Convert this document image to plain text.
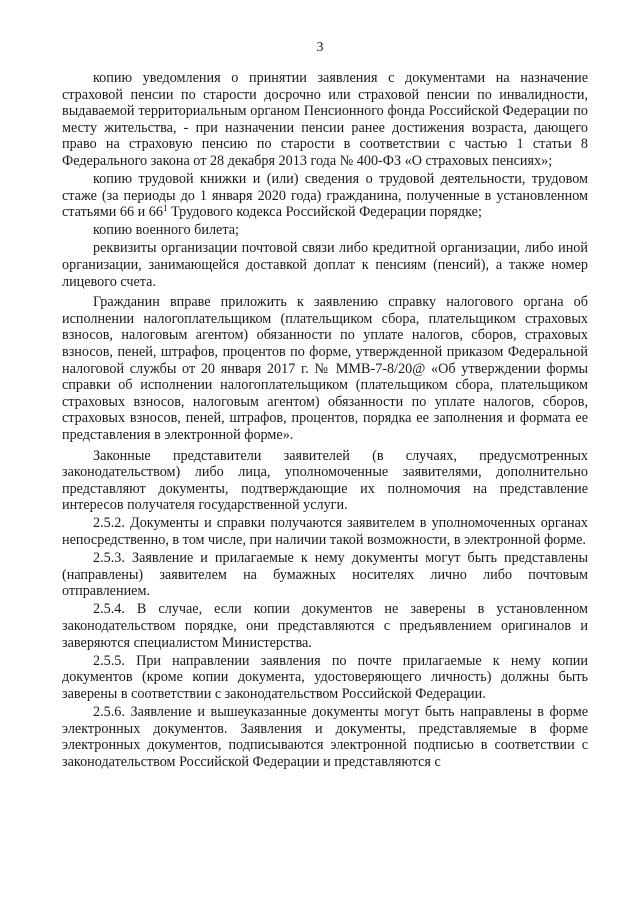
3

копию уведомления о принятии заявления с документами на назначение страховой пенсии по старости досрочно или страховой пенсии по инвалидности, выдаваемой территориальным органом Пенсионного фонда Российской Федерации по месту жительства, - при назначении пенсии ранее достижения возраста, дающего право на страховую пенсию по старости в соответствии с частью 1 статьи 8 Федерального закона от 28 декабря 2013 года № 400-ФЗ «О страховых пенсиях»;

копию трудовой книжки и (или) сведения о трудовой деятельности, трудовом стаже (за периоды до 1 января 2020 года) гражданина, полученные в установленном статьями 66 и $66^1$ Трудового кодекса Российской Федерации порядке;

копию военного билета;

реквизиты организации почтовой связи либо кредитной организации, либо иной организации, занимающейся доставкой доплат к пенсиям (пенсий), а также номер лицевого счета.

Гражданин вправе приложить к заявлению справку налогового органа об исполнении налогоплательщиком (плательщиком сбора, плательщиком страховых взносов, налоговым агентом) обязанности по уплате налогов, сборов, страховых взносов, пеней, штрафов, процентов по форме, утвержденной приказом Федеральной налоговой службы от 20 января 2017 г. № ММВ-7-8/20@ «Об утверждении формы справки об исполнении налогоплательщиком (плательщиком сбора, плательщиком страховых взносов, налоговым агентом) обязанности по уплате налогов, сборов, страховых взносов, пеней, штрафов, процентов, порядка ее заполнения и формата ее представления в электронной форме».

Законные представители заявителей (в случаях, предусмотренных законодательством) либо лица, уполномоченные заявителями, дополнительно представляют документы, подтверждающие их полномочия на представление интересов получателя государственной услуги.

2.5.2. Документы и справки получаются заявителем в уполномоченных органах непосредственно, в том числе, при наличии такой возможности, в электронной форме.

2.5.3. Заявление и прилагаемые к нему документы могут быть представлены (направлены) заявителем на бумажных носителях лично либо почтовым отправлением.

2.5.4. В случае, если копии документов не заверены в установленном законодательством порядке, они представляются с предъявлением оригиналов и заверяются специалистом Министерства.

2.5.5. При направлении заявления по почте прилагаемые к нему копии документов (кроме копии документа, удостоверяющего личность) должны быть заверены в соответствии с законодательством Российской Федерации.

2.5.6. Заявление и вышеуказанные документы могут быть направлены в форме электронных документов. Заявления и документы, представляемые в форме электронных документов, подписываются электронной подписью в соответствии с законодательством Российской Федерации и представляются с
